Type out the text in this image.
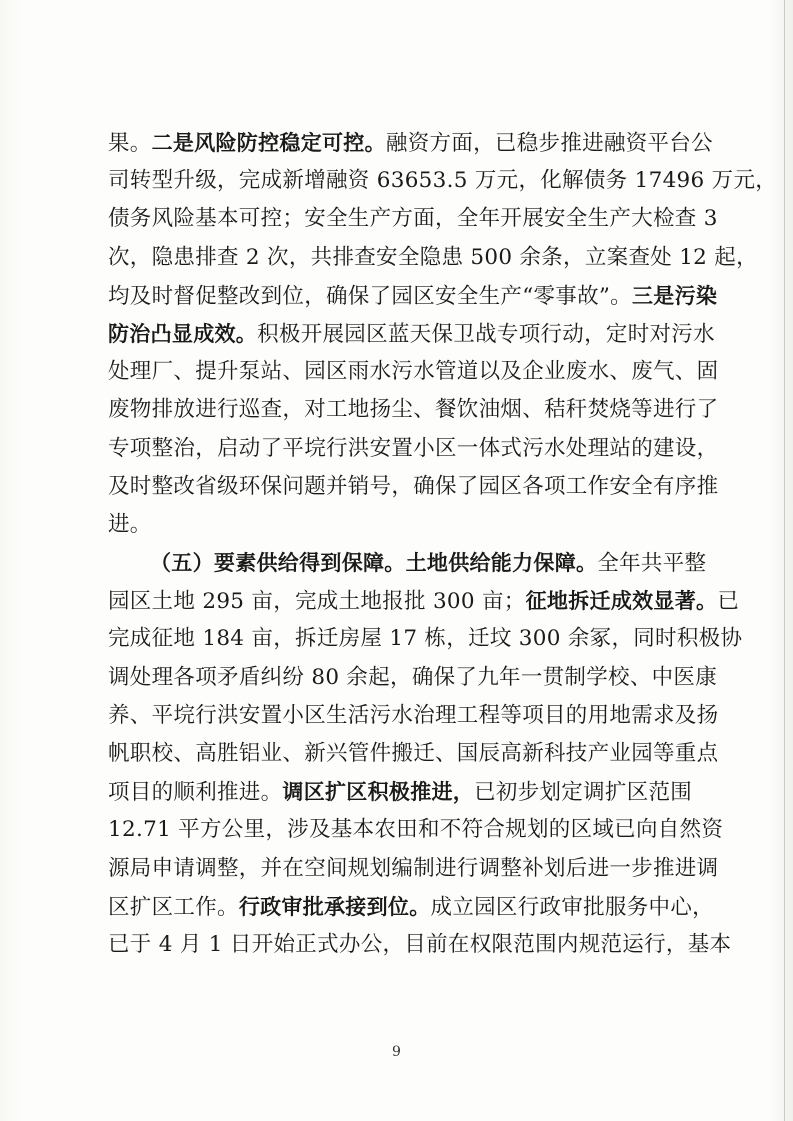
果。二是风险防控稳定可控。融资方面，已稳步推进融资平台公
司转型升级，完成新增融资 63653.5 万元，化解债务 17496 万元，
债务风险基本可控；安全生产方面，全年开展安全生产大检查 3
次，隐患排查 2 次，共排查安全隐患 500 余条，立案查处 12 起，
均及时督促整改到位，确保了园区安全生产“零事故”。三是污染
防治凸显成效。积极开展园区蓝天保卫战专项行动，定时对污水
处理厂、提升泵站、园区雨水污水管道以及企业废水、废气、固
废物排放进行巡查，对工地扬尘、餐饮油烟、秸秆焚烧等进行了
专项整治，启动了平垸行洪安置小区一体式污水处理站的建设，
及时整改省级环保问题并销号，确保了园区各项工作安全有序推
进。
（五）要素供给得到保障。土地供给能力保障。全年共平整
园区土地 295 亩，完成土地报批 300 亩；征地拆迁成效显著。已
完成征地 184 亩，拆迁房屋 17 栋，迁坟 300 余冢，同时积极协
调处理各项矛盾纠纷 80 余起，确保了九年一贯制学校、中医康
养、平垸行洪安置小区生活污水治理工程等项目的用地需求及扬
帆职校、高胜铝业、新兴管件搬迁、国辰高新科技产业园等重点
项目的顺利推进。调区扩区积极推进，已初步划定调扩区范围
12.71 平方公里，涉及基本农田和不符合规划的区域已向自然资
源局申请调整，并在空间规划编制进行调整补划后进一步推进调
区扩区工作。行政审批承接到位。成立园区行政审批服务中心，
已于 4 月 1 日开始正式办公，目前在权限范围内规范运行，基本
9
